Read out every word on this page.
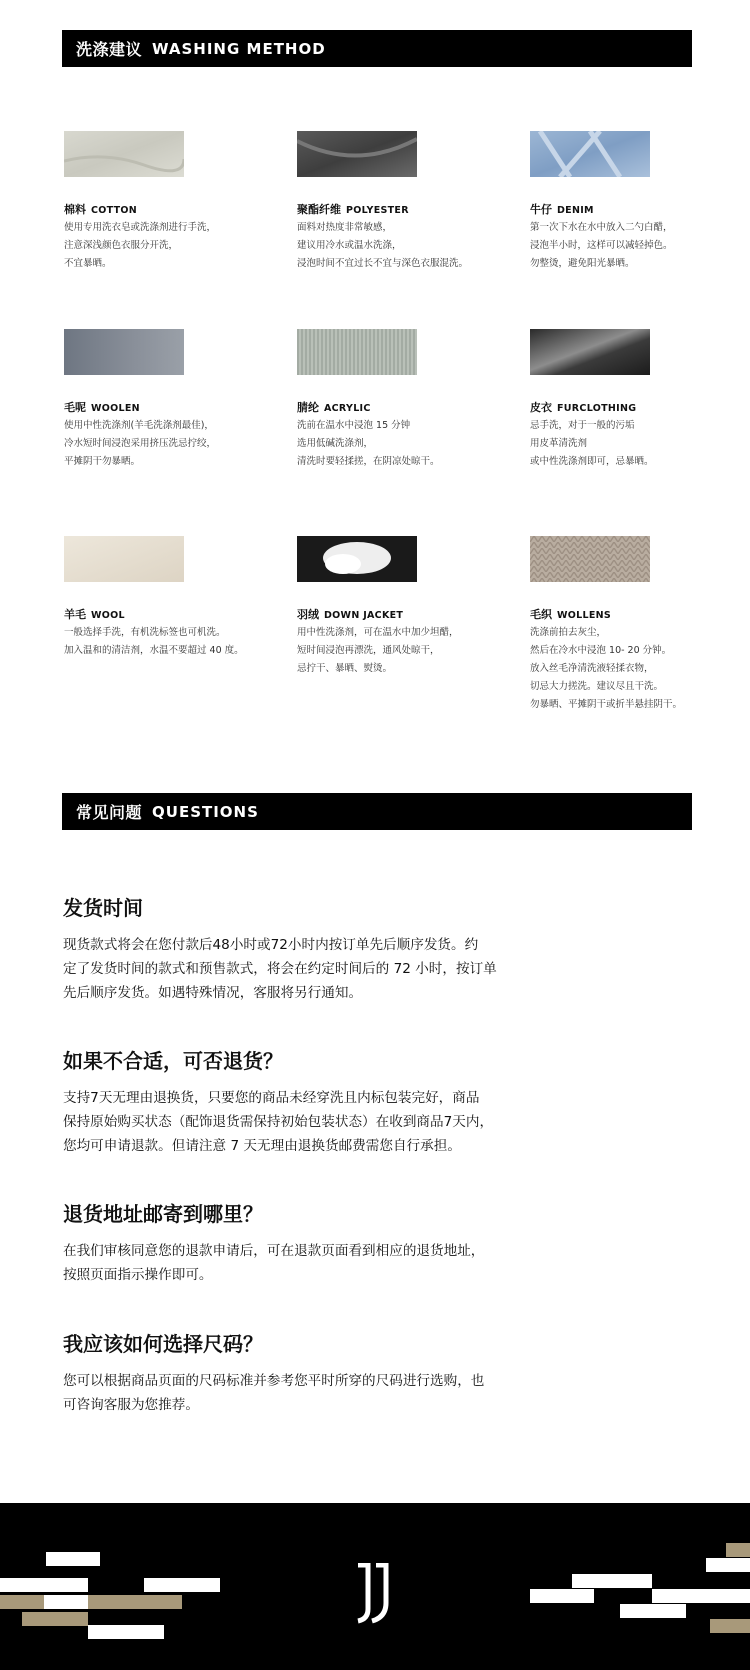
洗涤建议 WASHING METHOD
棉料 COTTON
使用专用洗衣皂或洗涤剂进行手洗，
注意深浅颜色衣服分开洗，
不宜暴晒。
聚酯纤维 POLYESTER
面料对热度非常敏感，
建议用冷水或温水洗涤，
浸泡时间不宜过长不宜与深色衣服混洗。
牛仔 DENIM
第一次下水在水中放入二勺白醋，
浸泡半小时，这样可以减轻掉色。
勿整烫，避免阳光暴晒。
毛呢 WOOLEN
使用中性洗涤剂(羊毛洗涤剂最佳)，
冷水短时间浸泡采用挤压洗忌拧绞，
平摊阴干勿暴晒。
腈纶 ACRYLIC
洗前在温水中浸泡 15 分钟
选用低碱洗涤剂，
清洗时要轻揉搓，在阴凉处晾干。
皮衣 FURCLOTHING
忌手洗，对于一般的污垢
用皮革清洗剂
或中性洗涤剂即可，忌暴晒。
羊毛 WOOL
一般选择手洗，有机洗标签也可机洗。
加入温和的清洁剂，水温不要超过 40 度。
羽绒 DOWN JACKET
用中性洗涤剂，可在温水中加少坦醋，
短时间浸泡再漂洗，通风处晾干，
忌拧干、暴晒、熨烫。
毛织 WOLLENS
洗涤前拍去灰尘，
然后在冷水中浸泡 10- 20 分钟。
放入丝毛净清洗液轻揉衣物，
切忌大力搓洗。建议尽且干洗。
勿暴晒、平摊阴干或折半悬挂阴干。
常见问题 QUESTIONS
发货时间
现货款式将会在您付款后48小时或72小时内按订单先后顺序发货。约
定了发货时间的款式和预售款式，将会在约定时间后的 72 小时，按订单
先后顺序发货。如遇特殊情况，客服将另行通知。
如果不合适，可否退货？
支持7天无理由退换货，只要您的商品未经穿洗且内标包装完好，商品
保持原始购买状态（配饰退货需保持初始包装状态）在收到商品7天内，
您均可申请退款。但请注意 7 天无理由退换货邮费需您自行承担。
退货地址邮寄到哪里？
在我们审核同意您的退款申请后，可在退款页面看到相应的退货地址，
按照页面指示操作即可。
我应该如何选择尺码？
您可以根据商品页面的尺码标准并参考您平时所穿的尺码进行选购，也
可咨询客服为您推荐。
